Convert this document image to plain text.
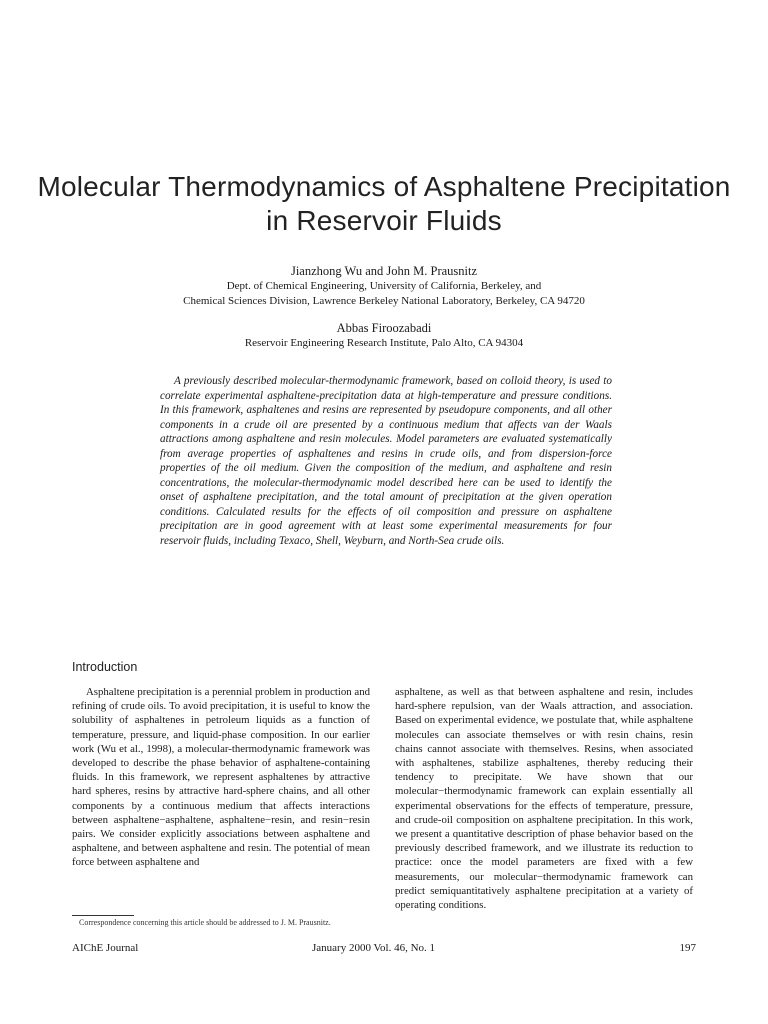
Molecular Thermodynamics of Asphaltene Precipitation
in Reservoir Fluids
Jianzhong Wu and John M. Prausnitz
Dept. of Chemical Engineering, University of California, Berkeley, and
Chemical Sciences Division, Lawrence Berkeley National Laboratory, Berkeley, CA 94720
Abbas Firoozabadi
Reservoir Engineering Research Institute, Palo Alto, CA 94304
A previously described molecular-thermodynamic framework, based on colloid theory, is used to correlate experimental asphaltene-precipitation data at high-temperature and pressure conditions. In this framework, asphaltenes and resins are represented by pseudopure components, and all other components in a crude oil are presented by a continuous medium that affects van der Waals attractions among asphaltene and resin molecules. Model parameters are evaluated systematically from average properties of asphaltenes and resins in crude oils, and from dispersion-force properties of the oil medium. Given the composition of the medium, and asphaltene and resin concentrations, the molecular-thermodynamic model described here can be used to identify the onset of asphaltene precipitation, and the total amount of precipitation at the given operation conditions. Calculated results for the effects of oil composition and pressure on asphaltene precipitation are in good agreement with at least some experimental measurements for four reservoir fluids, including Texaco, Shell, Weyburn, and North-Sea crude oils.
Introduction

Asphaltene precipitation is a perennial problem in production and refining of crude oils. To avoid precipitation, it is useful to know the solubility of asphaltenes in petroleum liquids as a function of temperature, pressure, and liquid-phase composition. In our earlier work (Wu et al., 1998), a molecular-thermodynamic framework was developed to describe the phase behavior of asphaltene-containing fluids. In this framework, we represent asphaltenes by attractive hard spheres, resins by attractive hard-sphere chains, and all other components by a continuous medium that affects interactions between asphaltene−asphaltene, asphaltene−resin, and resin−resin pairs. We consider explicitly associations between asphaltene and asphaltene, and between asphaltene and resin. The potential of mean force between asphaltene and

asphaltene, as well as that between asphaltene and resin, includes hard-sphere repulsion, van der Waals attraction, and association. Based on experimental evidence, we postulate that, while asphaltene molecules can associate themselves or with resin chains, resin chains cannot associate with themselves. Resins, when associated with asphaltenes, stabilize asphaltenes, thereby reducing their tendency to precipitate. We have shown that our molecular−thermodynamic framework can explain essentially all experimental observations for the effects of temperature, pressure, and crude-oil composition on asphaltene precipitation. In this work, we present a quantitative description of phase behavior based on the previously described framework, and we illustrate its reduction to practice: once the model parameters are fixed with a few measurements, our molecular−thermodynamic framework can predict semiquantitatively asphaltene precipitation at a variety of operating conditions.

Correspondence concerning this article should be addressed to J. M. Prausnitz.
AIChE Journal	January 2000 Vol. 46, No. 1	197
